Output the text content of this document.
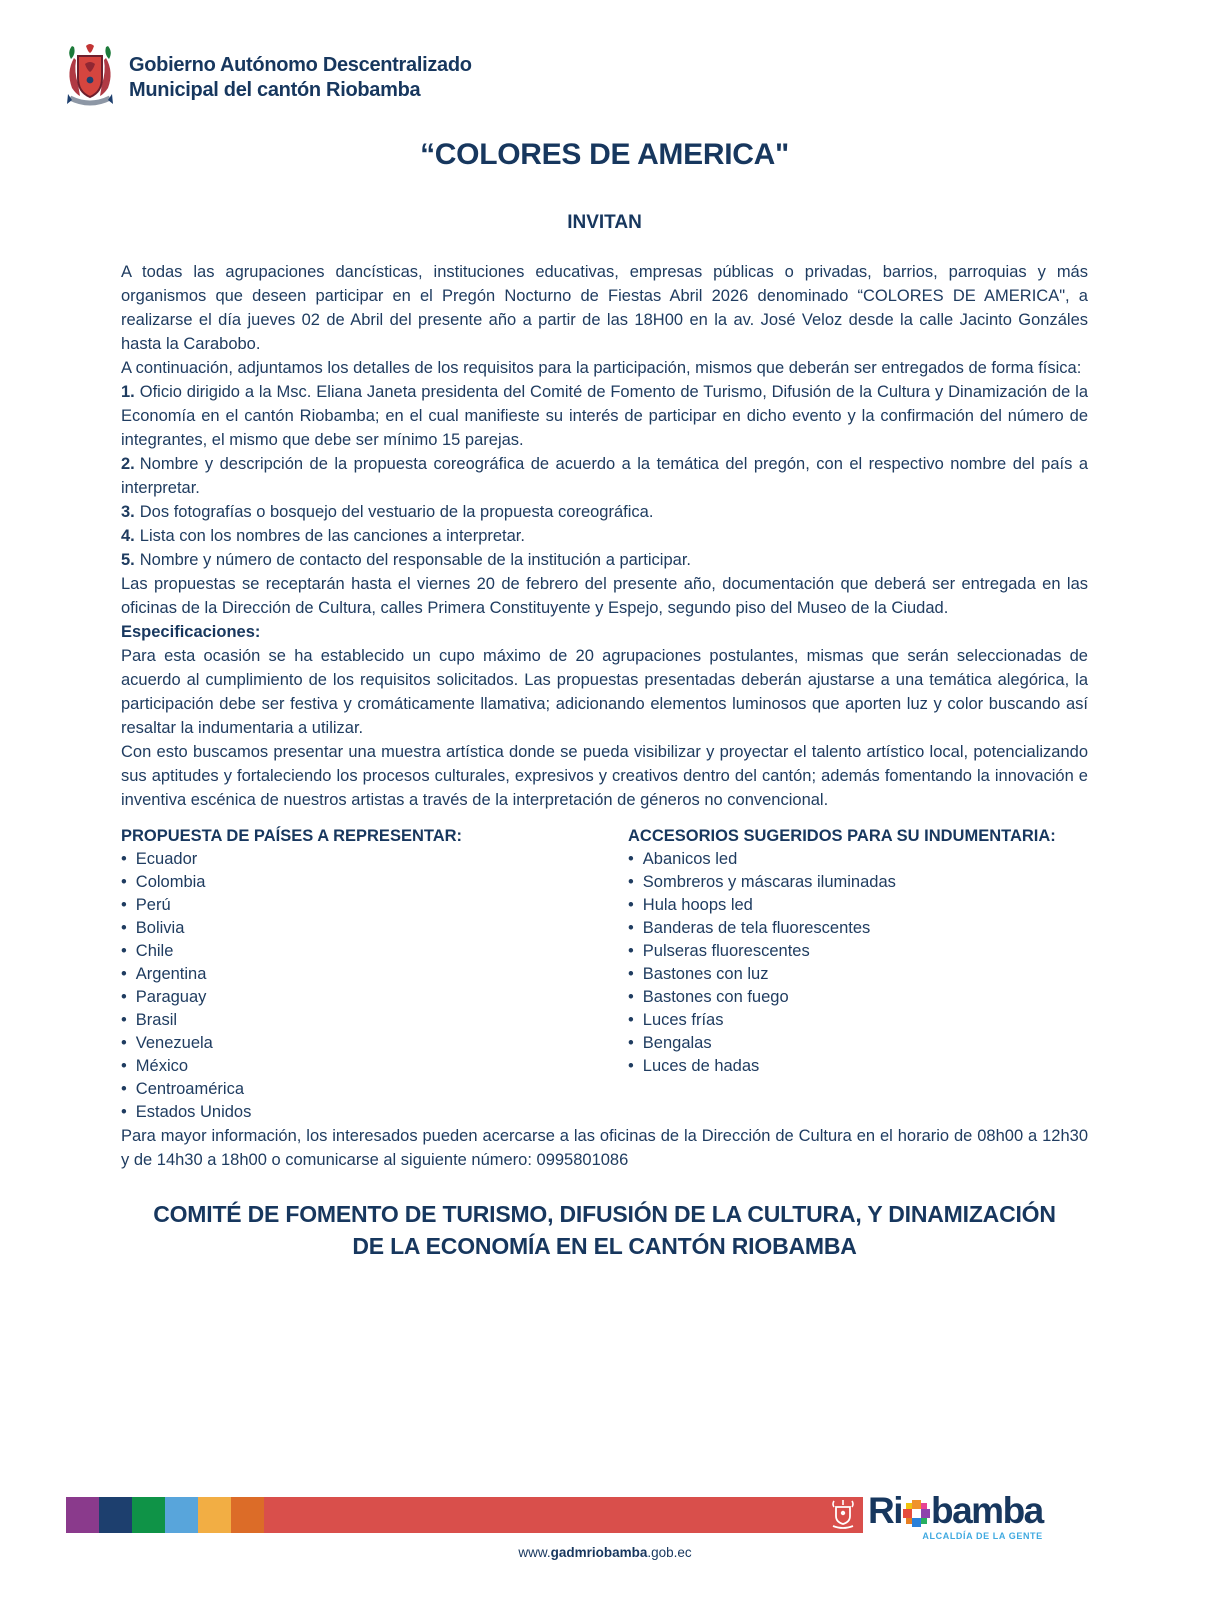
Gobierno Autónomo Descentralizado
Municipal del cantón Riobamba
“COLORES DE AMERICA"
INVITAN

A todas las agrupaciones dancísticas, instituciones educativas, empresas públicas o privadas, barrios, parroquias y más organismos que deseen participar en el Pregón Nocturno de Fiestas Abril 2026 denominado “COLORES DE AMERICA", a realizarse el día jueves 02 de Abril del presente año a partir de las 18H00 en la av. José Veloz desde la calle Jacinto Gonzáles hasta la Carabobo.

A continuación, adjuntamos los detalles de los requisitos para la participación, mismos que deberán ser entregados de forma física:

1. Oficio dirigido a la Msc. Eliana Janeta presidenta del Comité de Fomento de Turismo, Difusión de la Cultura y Dinamización de la Economía en el cantón Riobamba; en el cual manifieste su interés de participar en dicho evento y la confirmación del número de integrantes, el mismo que debe ser mínimo 15 parejas.

2. Nombre y descripción de la propuesta coreográfica de acuerdo a la temática del pregón, con el respectivo nombre del país a interpretar.

3. Dos fotografías o bosquejo del vestuario de la propuesta coreográfica.

4. Lista con los nombres de las canciones a interpretar.

5. Nombre y número de contacto del responsable de la institución a participar.

Las propuestas se receptarán hasta el viernes 20 de febrero del presente año, documentación que deberá ser entregada en las oficinas de la Dirección de Cultura, calles Primera Constituyente y Espejo, segundo piso del Museo de la Ciudad.

Especificaciones:

Para esta ocasión se ha establecido un cupo máximo de 20 agrupaciones postulantes, mismas que serán seleccionadas de acuerdo al cumplimiento de los requisitos solicitados. Las propuestas presentadas deberán ajustarse a una temática alegórica, la participación debe ser festiva y cromáticamente llamativa; adicionando elementos luminosos que aporten luz y color buscando así resaltar la indumentaria a utilizar.

Con esto buscamos presentar una muestra artística donde se pueda visibilizar y proyectar el talento artístico local, potencializando sus aptitudes y fortaleciendo los procesos culturales, expresivos y creativos dentro del cantón; además fomentando la innovación e inventiva escénica de nuestros artistas a través de la interpretación de géneros no convencional.

PROPUESTA DE PAÍSES A REPRESENTAR:

• Ecuador
• Colombia
• Perú
• Bolivia
• Chile
• Argentina
• Paraguay
• Brasil
• Venezuela
• México
• Centroamérica
• Estados Unidos

ACCESORIOS SUGERIDOS PARA SU INDUMENTARIA:

• Abanicos led
• Sombreros y máscaras iluminadas
• Hula hoops led
• Banderas de tela fluorescentes
• Pulseras fluorescentes
• Bastones con luz
• Bastones con fuego
• Luces frías
• Bengalas
• Luces de hadas

Para mayor información, los interesados pueden acercarse a las oficinas de la Dirección de Cultura en el horario de 08h00 a 12h30 y de 14h30 a 18h00 o comunicarse al siguiente número: 0995801086

COMITÉ DE FOMENTO DE TURISMO, DIFUSIÓN DE LA CULTURA, Y DINAMIZACIÓN DE LA ECONOMÍA EN EL CANTÓN RIOBAMBA

Ri bamba
ALCALDÍA DE LA GENTE
www.gadmriobamba.gob.ec
